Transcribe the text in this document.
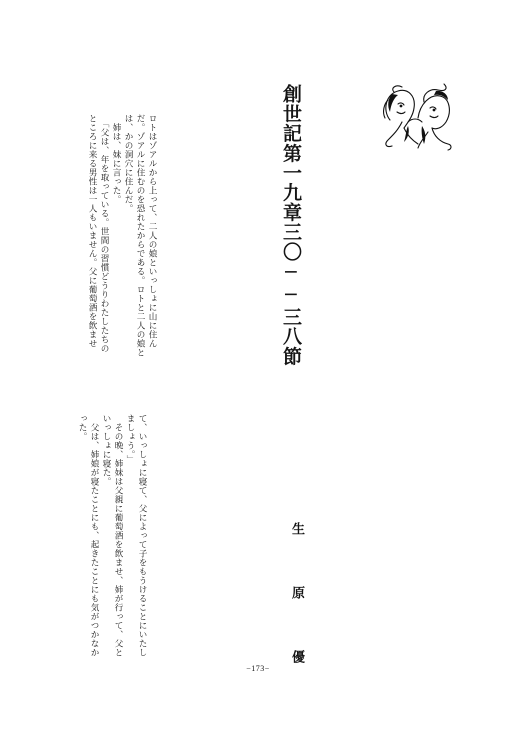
創世記第一九章三〇──三八節
生　原　優
ロトはゾアルから上って、二人の娘といっしょに山に住ん
だ。ゾアルに住むのを恐れたからである。ロトと二人の娘と
は、かの洞穴に住んだ。
　姉は、妹に言った。
　「父は、年を取っている。世間の習慣どうりわたしたちの
ところに来る男性は一人もいません。父に葡萄酒を飲ませ
て、いっしょに寝て、父によって子をもうけることにいたし
ましょう。」
　その晩、姉妹は父親に葡萄酒を飲ませ、姉が行って、父と
いっしょに寝た。
　父は、姉娘が寝たことにも、起きたことにも気がつかなか
った。
−173−
